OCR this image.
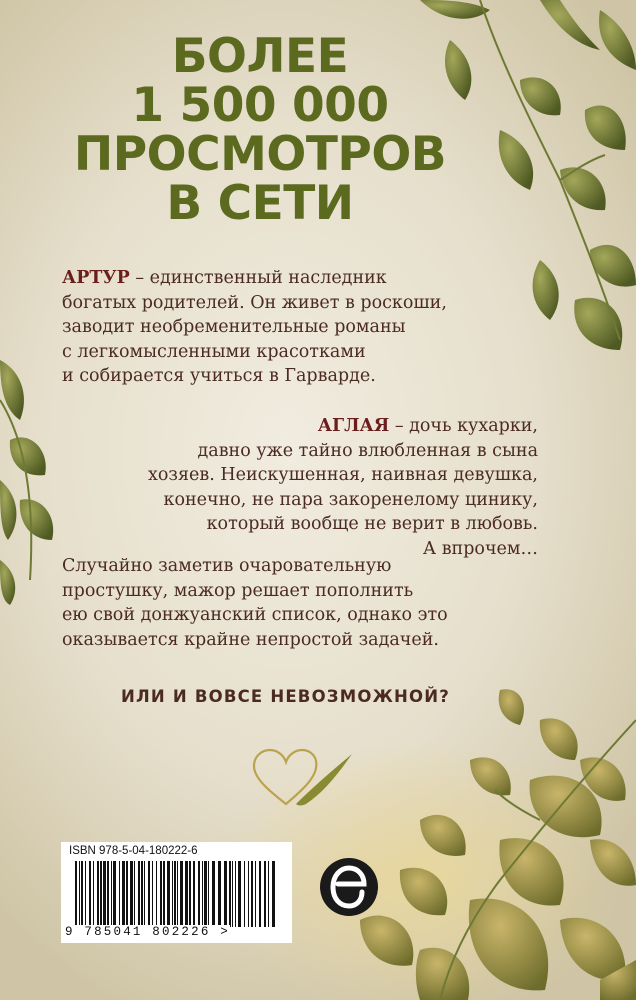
БОЛЕЕ
1 500 000
ПРОСМОТРОВ
В СЕТИ
АРТУР – единственный наследник
богатых родителей. Он живет в роскоши,
заводит необременительные романы
с легкомысленными красотками
и собирается учиться в Гарварде.
АГЛАЯ – дочь кухарки,
давно уже тайно влюбленная в сына
хозяев. Неискушенная, наивная девушка,
конечно, не пара закоренелому цинику,
который вообще не верит в любовь.
А впрочем…
Случайно заметив очаровательную
простушку, мажор решает пополнить
ею свой донжуанский список, однако это
оказывается крайне непростой задачей.
ИЛИ И ВОВСЕ НЕВОЗМОЖНОЙ?
ISBN 978-5-04-180222-6
9 785041 802226 >
